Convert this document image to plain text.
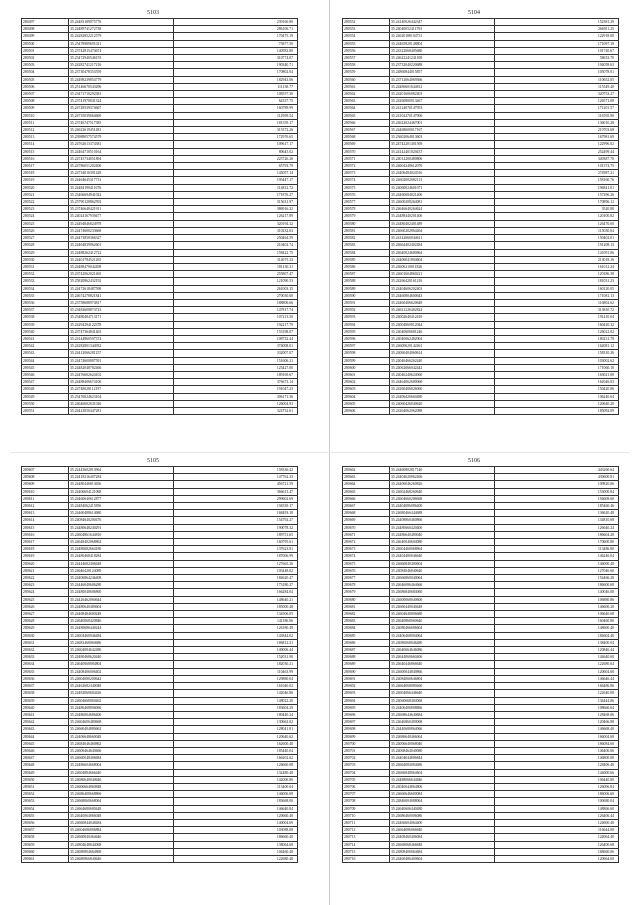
5103
280497	35.24483189975776	239160.80
280498	35.24489741272738	286106.71
280499	35.24282852212579	170475.19
280500	35.25478989691021	75877.50
280501	35.23742815474674	140582.80
280502	35.23472940546155	310774.07
280503	35.24282741217216	190340.71
280504	35.23730478353559	170802.04
280505	35.24498239854779	182943.06
280506	35.25146670543296	111138.77
280507	35.23471710292381	108557.30
280508	35.23741970841324	64337.75
280509	35.24728539374667	160789.99
280510	35.24735039664669	112959.54
280511	35.23746747517385	181559.17
280512	35.24622619451481	315372.26
280513	35.23988057574579	172976.65
280514	35.24762613374381	109617.17
280515	35.24464710510164	80645.02
280516	35.24745734051894	225726.26
280517	35.24786051202406	65793.79
280518	35.24734016391428	145057.14
280519	35.24464645317731	195447.17
280520	35.24484190411676	114812.72
280521	35.23466694941022	171876.27
280522	35.25790128862592	315631.97
280523	35.23746640421911	386916.32
280524	35.24024167939477	126217.89
280525	35.24494846824978	320194.32
280526	35.24474600233668	310232.63
280527	35.24473858366327	250464.59
280528	35.24464839962601	210402.74
280529	35.24488262412722	158422.75
280530	35.24401784521265	314075.33
280531	35.24488470042498	181130.31
280532	35.23742062021465	255807.47
280533	35.25820862432192	121090.53
280534	35.24472618487598	261003.15
280535	35.24674278821841	270030.60
280536	35.23758688974817	188806.66
280537	35.23482608874723	147817.74
280538	35.23480484713171	107213.50
280539	35.24294294122378	192217.79
280540	35.23747364841463	153198.07
280541	35.24144860597374	108732.44
280542	35.24282801344932	374008.01
280543	35.24412066281257	332007.07
280544	35.24474600887591	151606.21
280545	35.24482048782466	125427.00
280546	35.24476602624102	189169.67
280547	35.24488406674106	376673.14
280548	35.24748028112197	191047.23
280549	35.23476024623104	306171.36
280550	35.24646602631026	126004.93
280551	35.24423050447281	324732.61
5104
280552	35.24140026442347	152381.29
280553	35.24040052411793	266911.25
280554	35.24620188104731	122918.08
280555	35.24465820148804	171097.18
280556	35.24322068405680	101720.67
280557	35.24622241241108	58633.70
280558	35.23732040220688	194058.63
280559	35.24860844015857	105078.01
280560	35.23712064069366	110652.05
280561	35.24486601644812	115549.40
280562	35.24201606082403	320753.27
280563	35.24260800913467	126571.08
280564	35.24124070147953	171201.57
280565	35.24102270147906	116765.90
280566	35.24622024467001	136010.28
280567	35.24468600017167	219703.68
280568	35.23602064013603	167981.69
280569	35.24742201401569	122996.02
280570	35.24142401020437	252499.44
280571	35.24012200480806	340387.70
280572	35.24604248612076	101372.75
280573	35.24406484024516	274987.21
280574	35.24602002082113	158160.76
280575	35.24060024601071	196841.01
280576	35.24460684021406	157296.26
280577	35.24600208264081	170896.12
280578	35.24646640264624	3520.80
280579	35.24488440201406	120100.82
280580	35.24480402401489	126470.00
280581	35.24660202864464	115030.04
280582	35.24142660044611	150402.01
280583	35.24664402402484	191208.13
280584	35.24640024680864	141091.06
280585	35.24406041804604	213018.16
280586	35.24606210011826	161012.24
280587	35.24601604860221	120186.38
280588	35.24266420161216	181031.23
280589	35.24404606202403	160120.05
280590	35.24460804600643	171081.13
280591	35.24460406620648	116802.62
280592	35.24621226402824	313810.72
280593	35.24002640412410	191410.04
280594	35.24004060012044	160420.32
280595	35.24040600681246	126022.02
280596	35.24040062482004	180231.78
280597	35.24600620142461	162081.12
280598	35.24060404060614	158310.26
280599	35.24046466262440	103002.62
280600	35.24062066042442	171060.10
280601	35.24046240624060	163021.00
280602	35.24464062680060	162046.03
280603	35.24260406026060	150420.06
280604	35.24406420660480	106240.64
280605	35.24060426040620	120640.20
280606	35.24264062062088	185092.09
5105
280607	35.22443602013964	158336.42
280608	35.24418216407284	147762.33
280609	35.24480446813656	456721.59
280610	35.24406604121068	366613.47
280611	35.24460640612877	299602.69
280612	35.24484062415856	194539.17
280613	35.24460488614680	168493.18
280614	35.24084640200476	154792.27
280615	35.24480648240291	190078.32
280616	35.24604861644810	189751.65
280617	35.24648402068862	160795.61
280618	35.24480682664180	137623.81
280619	35.24480468418284	187006.99
280620	35.24444682406648	127665.26
280621	35.24646420124089	103448.02
280622	35.24406864246408	184620.47
280623	35.24446040606280	173180.27
280624	35.24480048606860	166284.04
280625	35.24426462060644	148640.21
280626	35.24480640480604	185000.48
280627	35.24468484600248	134506.05
280628	35.24640068420846	141186.06
280629	35.24480686440244	126180.49
280630	35.24604460046484	143844.02
280631	35.24682468060686	186812.31
280632	35.24604084642480	149006.44
280633	35.24480468620440	152031.90
280634	35.24640068084804	182030.21
280635	35.24408406006402	110463.99
280636	35.24604080200642	129880.04
280637	35.24462682440048	161040.02
280638	35.24482060604426	142046.86
280639	35.24604668060462	148022.20
280640	35.24486468806066	183604.29
280641	35.24486004686406	180440.24
280642	35.24604606480668	130662.02
280643	35.24660404880662	128041.81
280644	35.24406648660048	120640.62
280645	35.24684046460862	162600.40
280646	35.24606464640466	185440.04
280647	35.24660048406684	166202.62
280648	35.24486604668004	126660.08
280649	35.24604884666440	132480.48
280650	35.24680640040646	142006.80
280651	35.24606664860848	113400.04
280652	35.24686408668866	146006.08
280653	35.24668060668064	183668.00
280654	35.24664680680448	146640.84
280655	35.24640064866048	120660.40
280656	35.24660844048484	140004.69
280657	35.24604686806884	103088.08
280658	35.24660840464646	186660.40
280659	35.24804648644068	138064.68
280660	35.24680804664868	104460.40
280661	35.24680866840646	122680.48
5106
280662	35.24460802817140	443260.64
280663	35.24404620062466	439600.81
280664	35.24406046260826	109820.06
280665	35.24602468260640	153000.84
280666	35.24604660286668	194608.60
280667	35.24404086086400	185460.46
280668	35.24680466444688	136620.48
280669	35.24408860460866	134810.68
280670	35.24480660420400	126640.24
280671	35.24486640480040	186604.28
280672	35.24640040604080	170600.80
280673	35.24604460068864	113486.80
280674	35.24404480046640	146246.04
280675	35.24660840400604	146000.48
280676	35.24084046840640	127040.60
280677	35.24666860040064	154466.28
280678	35.24646086464666	186600.68
280679	35.24686840684060	140046.08
280680	35.24600068040600	106880.86
280681	35.24660440040448	146600.20
280682	35.24604640806680	106640.68
280683	35.24640868060640	160460.80
280684	35.24080466686604	148600.40
280685	35.24406468004064	184604.40
280686	35.24086068046480	138400.04
280687	35.24640664646086	120846.44
280688	35.24644060660406	144640.60
280689	35.24640446866640	122680.04
280690	35.24600044840866	120604.68
280691	35.24084060646804	146646.44
280692	35.24664068080460	166486.86
280693	35.24604066446640	122640.08
280694	35.24060668404068	134444.06
280695	35.24406406808866	108666.64
280696	35.24668644640684	128468.06
280697	35.24646860400068	120466.88
280698	35.24440680864066	146668.40
280699	35.24686640466064	166004.68
280700	35.24006640068046	186084.60
280701	35.24068464040080	146406.06
280702	35.24404044806844	146800.08
280703	35.24664084084686	128406.46
280704	35.24666848064604	144600.66
280705	35.24488066644846	106440.80
280706	35.24040044864806	126006.84
280707	35.24660646600084	186006.60
280708	35.24846004088064	100680.04
280709	35.24640606440480	148866.60
280710	35.24686460006086	126406.44
280711	35.24466604064400	124600.40
280712	35.24664086066840	116644.08
280713	35.24408460406084	124064.40
280714	35.24668068466848	126400.68
280715	35.24808406064684	168660.06
280716	35.24460486400604	120664.60
